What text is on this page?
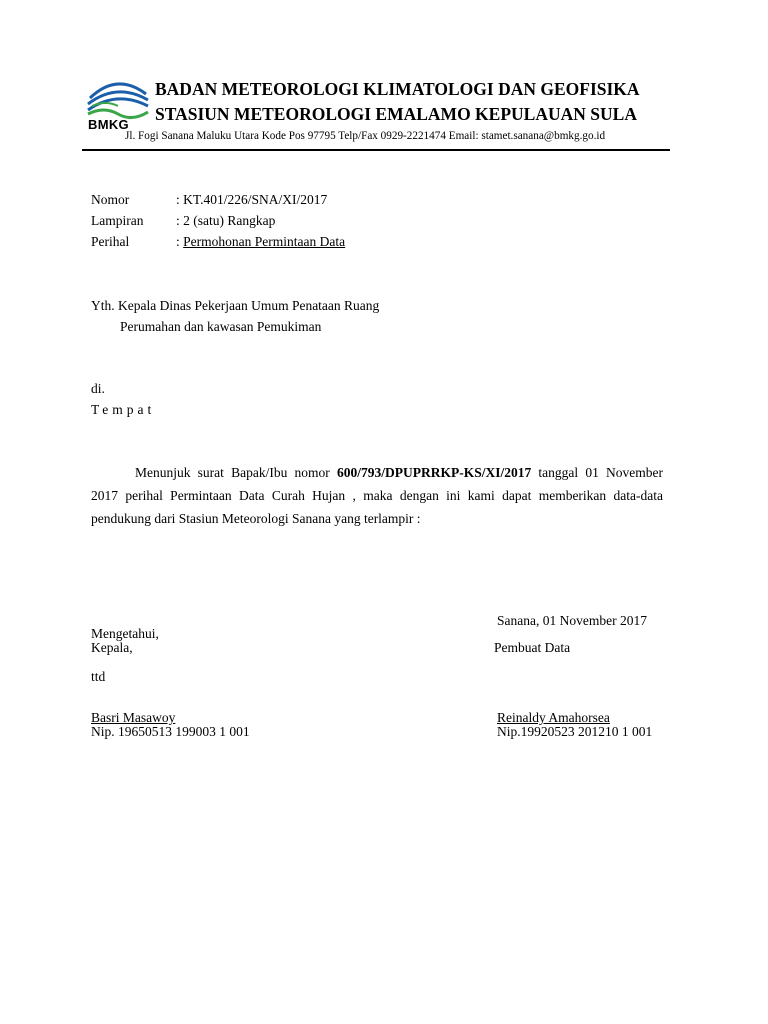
BMKG
BADAN METEOROLOGI KLIMATOLOGI DAN GEOFISIKA
STASIUN METEOROLOGI EMALAMO KEPULAUAN SULA
Jl. Fogi Sanana Maluku Utara Kode Pos 97795 Telp/Fax 0929-2221474 Email: stamet.sanana@bmkg.go.id
Nomor	: KT.401/226/SNA/XI/2017
Lampiran : 2 (satu) Rangkap
Perihal	: Permohonan Permintaan Data
Yth. Kepala Dinas Pekerjaan Umum Penataan Ruang
Perumahan dan kawasan Pemukiman
di.
Tempat
Menunjuk surat Bapak/Ibu nomor 600/793/DPUPRRKP-KS/XI/2017 tanggal 01 November 2017 perihal Permintaan Data Curah Hujan , maka dengan ini kami dapat memberikan data-data pendukung dari Stasiun Meteorologi Sanana yang terlampir :
Sanana, 01 November 2017
Mengetahui,
Kepala,	Pembuat Data
ttd
Basri Masawoy	Reinaldy Amahorsea
Nip. 19650513 199003 1 001	Nip.19920523 201210 1 001
